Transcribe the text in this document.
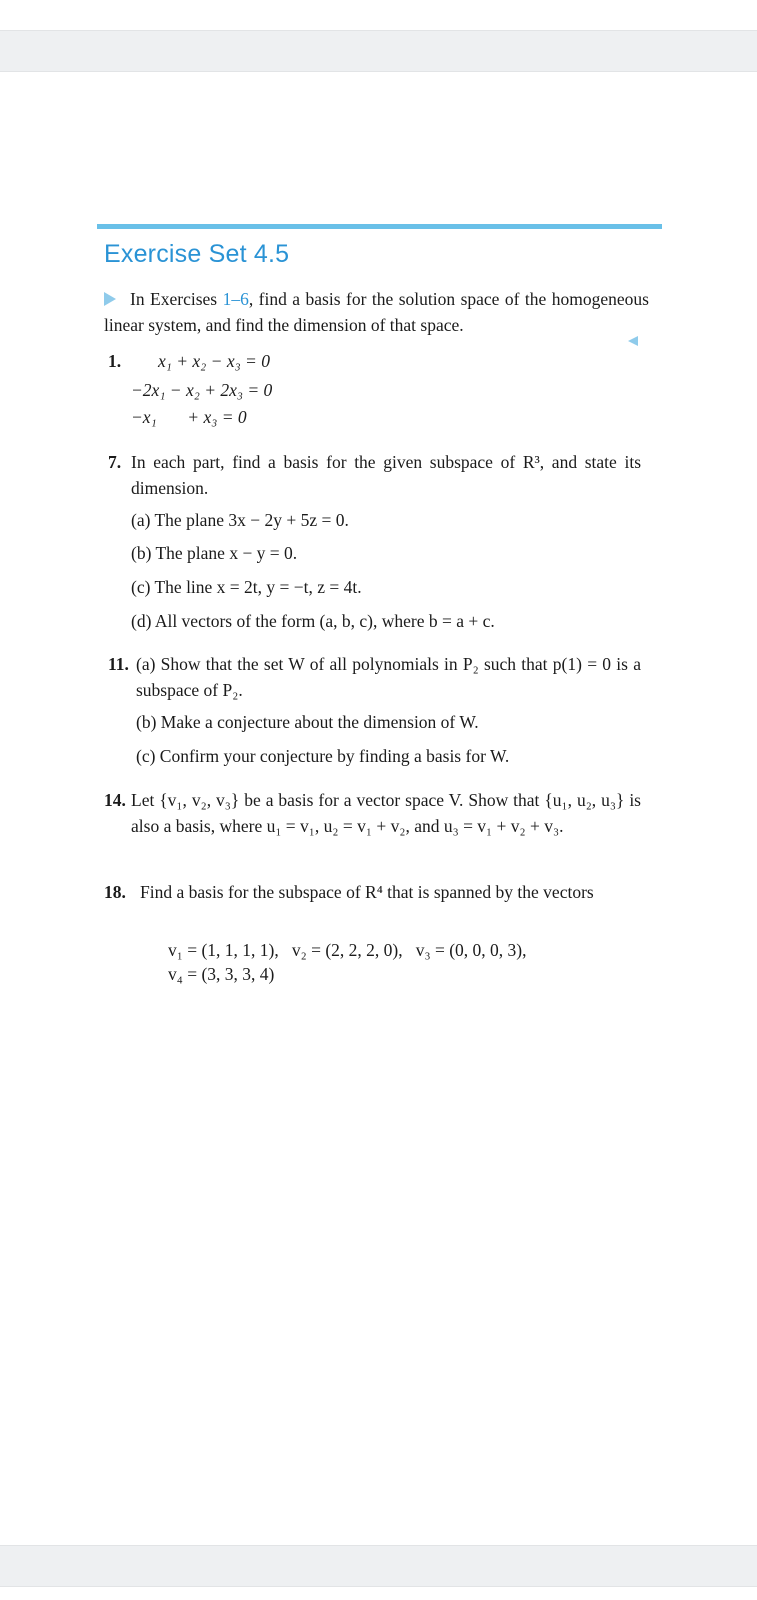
Exercise Set 4.5
In Exercises 1–6, find a basis for the solution space of the homogeneous linear system, and find the dimension of that space.
1. x₁ + x₂ − x₃ = 0
−2x₁ − x₂ + 2x₃ = 0
−x₁       + x₃ = 0
7. In each part, find a basis for the given subspace of R³, and state its dimension.
(a) The plane 3x − 2y + 5z = 0.
(b) The plane x − y = 0.
(c) The line x = 2t, y = −t, z = 4t.
(d) All vectors of the form (a, b, c), where b = a + c.
11. (a) Show that the set W of all polynomials in P₂ such that p(1) = 0 is a subspace of P₂.
(b) Make a conjecture about the dimension of W.
(c) Confirm your conjecture by finding a basis for W.
14. Let {v₁, v₂, v₃} be a basis for a vector space V. Show that {u₁, u₂, u₃} is also a basis, where u₁ = v₁, u₂ = v₁ + v₂, and u₃ = v₁ + v₂ + v₃.
18. Find a basis for the subspace of R⁴ that is spanned by the vectors
v₁ = (1, 1, 1, 1),   v₂ = (2, 2, 2, 0),   v₃ = (0, 0, 0, 3),
v₄ = (3, 3, 3, 4)
